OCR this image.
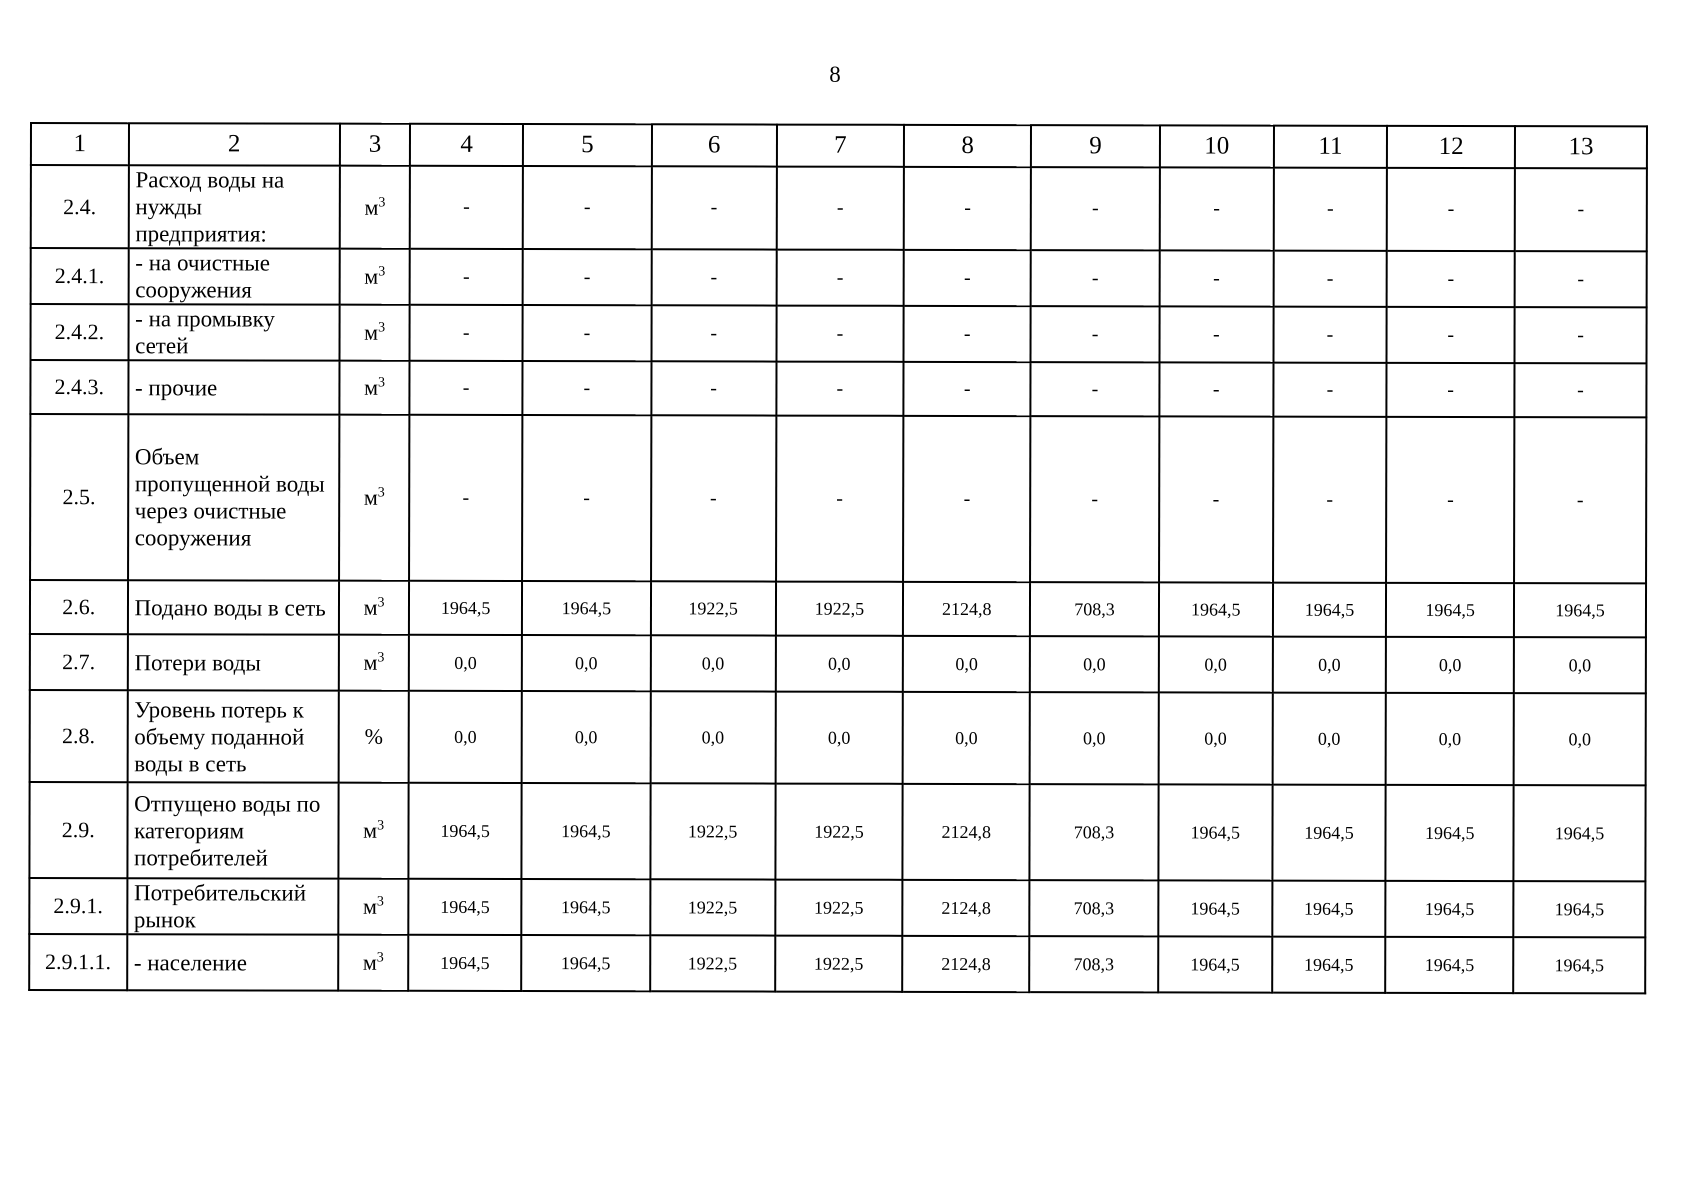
8
1	2	3	4	5	6	7	8	9	10	11	12	13
2.4.	Расход воды на нужды предприятия:	$м^3$	-	-	-	-	-	-	-	-	-	-
2.4.1.	- на очистные сооружения	$м^3$	-	-	-	-	-	-	-	-	-	-
2.4.2.	- на промывку сетей	$м^3$	-	-	-	-	-	-	-	-	-	-
2.4.3.	- прочие	$м^3$	-	-	-	-	-	-	-	-	-	-
2.5.	Объем пропущенной воды через очистные сооружения	$м^3$	-	-	-	-	-	-	-	-	-	-
2.6.	Подано воды в сеть	$м^3$	1964,5	1964,5	1922,5	1922,5	2124,8	708,3	1964,5	1964,5	1964,5	1964,5
2.7.	Потери воды	$м^3$	0,0	0,0	0,0	0,0	0,0	0,0	0,0	0,0	0,0	0,0
2.8.	Уровень потерь к объему поданной воды в сеть	%	0,0	0,0	0,0	0,0	0,0	0,0	0,0	0,0	0,0	0,0
2.9.	Отпущено воды по категориям потребителей	$м^3$	1964,5	1964,5	1922,5	1922,5	2124,8	708,3	1964,5	1964,5	1964,5	1964,5
2.9.1.	Потребительский рынок	$м^3$	1964,5	1964,5	1922,5	1922,5	2124,8	708,3	1964,5	1964,5	1964,5	1964,5
2.9.1.1.	- население	$м^3$	1964,5	1964,5	1922,5	1922,5	2124,8	708,3	1964,5	1964,5	1964,5	1964,5
